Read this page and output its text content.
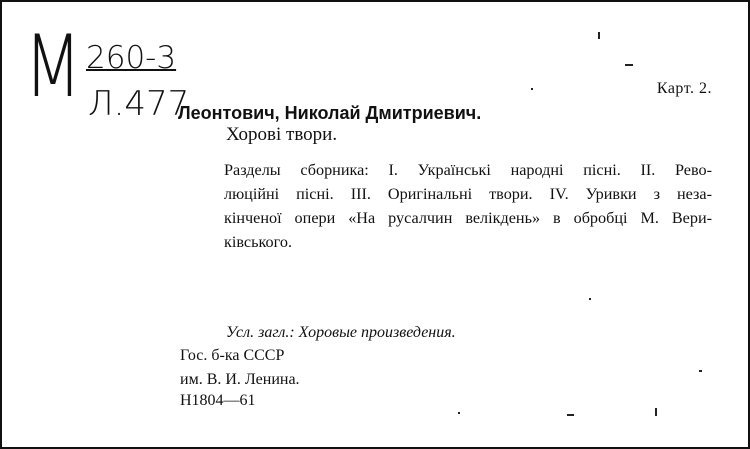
М 260-3
Л.477	Карт. 2.
Леонтович, Николай Дмитриевич.
Хорові твори.
Разделы сборника: I. Українські народні пісні. II. Рево-
люційні пісні. III. Оригінальні твори. IV. Уривки з неза-
кінченої опери «На русалчин велікдень» в обробці М. Вери-
ківського.
Усл. загл.: Хоровые произведения.
Гос. б-ка СССР
им. В. И. Ленина.
Н1804—61
